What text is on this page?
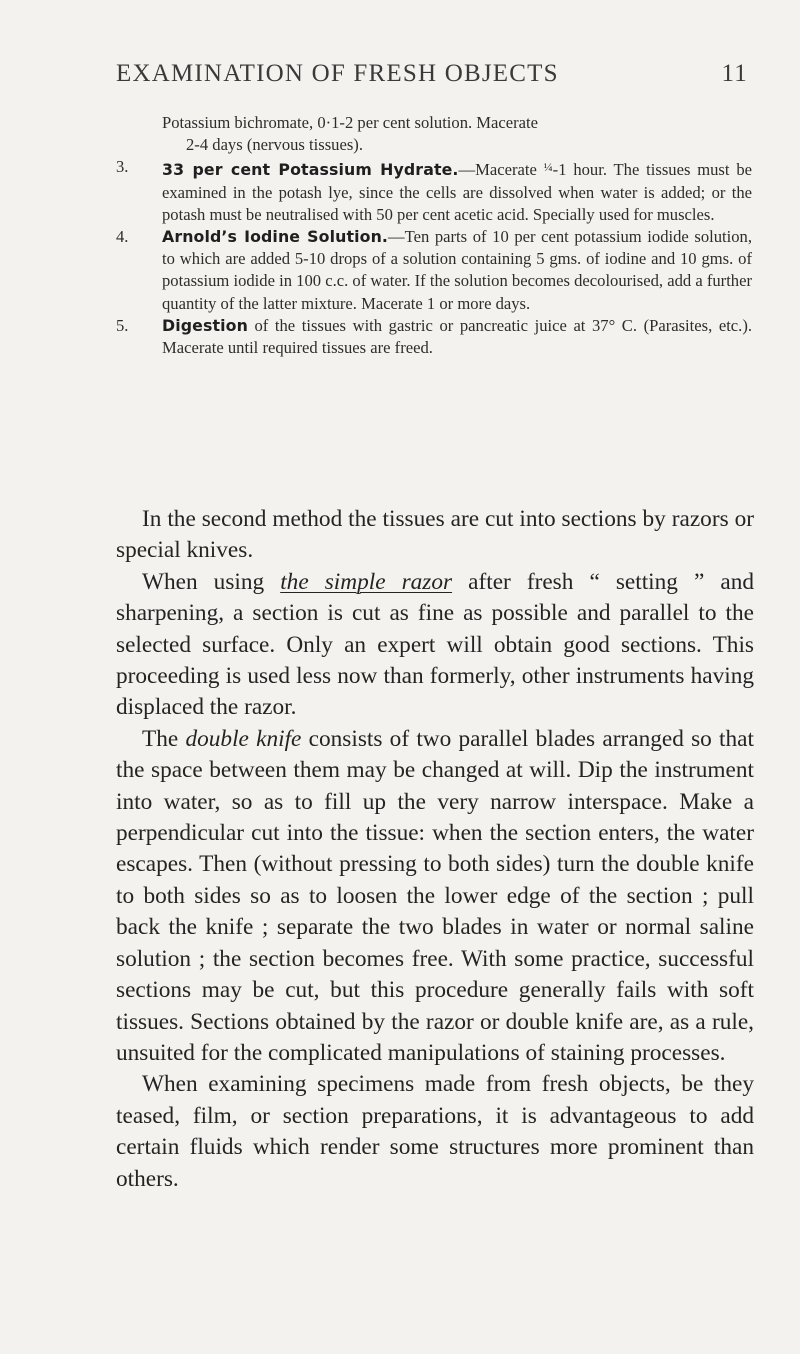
EXAMINATION OF FRESH OBJECTS	11
Potassium bichromate, 0·1-2 per cent solution. Macerate

2-4 days (nervous tissues).
3.	33 per cent Potassium Hydrate.—Macerate $^{\frac{1}{4}}$-1 hour. The tissues must be examined in the potash lye, since the cells are dissolved when water is added; or the potash must be neutralised with 50 per cent acetic acid. Specially used for muscles.
4.	Arnold’s Iodine Solution.—Ten parts of 10 per cent potassium iodide solution, to which are added 5-10 drops of a solution containing 5 gms. of iodine and 10 gms. of potassium iodide in 100 c.c. of water. If the solution becomes decolourised, add a further quantity of the latter mixture. Macerate 1 or more days.
5.	Digestion of the tissues with gastric or pancreatic juice at 37° C. (Parasites, etc.). Macerate until required tissues are freed.

In the second method the tissues are cut into sections by razors or special knives.

When using the simple razor after fresh “ setting ” and sharpening, a section is cut as fine as possible and parallel to the selected surface. Only an expert will obtain good sections. This proceeding is used less now than formerly, other instruments having displaced the razor.

The double knife consists of two parallel blades arranged so that the space between them may be changed at will. Dip the instrument into water, so as to fill up the very narrow interspace. Make a perpendicular cut into the tissue: when the section enters, the water escapes. Then (without pressing to both sides) turn the double knife to both sides so as to loosen the lower edge of the section ; pull back the knife ; separate the two blades in water or normal saline solution ; the section becomes free. With some practice, successful sections may be cut, but this procedure generally fails with soft tissues. Sections obtained by the razor or double knife are, as a rule, unsuited for the complicated manipulations of staining processes.

When examining specimens made from fresh objects, be they teased, film, or section preparations, it is advantageous to add certain fluids which render some structures more prominent than others.
